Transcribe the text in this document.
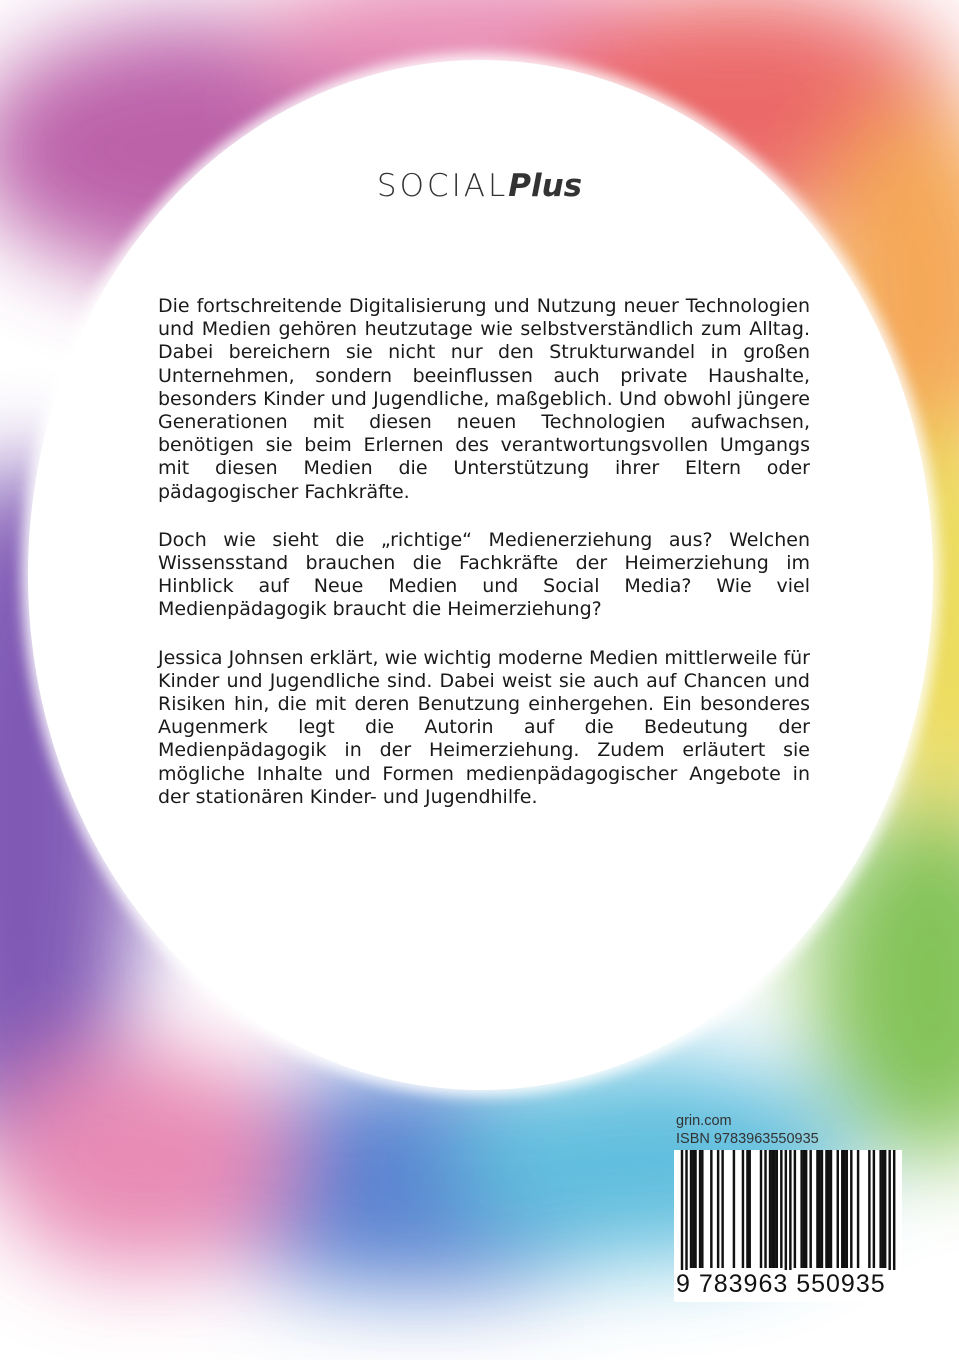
SOCIALPlus

Die fortschreitende Digitalisierung und Nutzung neuer Technologien und Medien gehören heutzutage wie selbstverständlich zum Alltag. Dabei bereichern sie nicht nur den Strukturwandel in großen Unternehmen, sondern beeinflussen auch private Haushalte, besonders Kinder und Jugendliche, maßgeblich. Und obwohl jüngere Generationen mit diesen neuen Technologien aufwachsen, benötigen sie beim Erlernen des verantwortungsvollen Umgangs mit diesen Medien die Unterstützung ihrer Eltern oder pädagogischer Fachkräfte.

Doch wie sieht die „richtige“ Medienerziehung aus? Welchen Wissensstand brauchen die Fachkräfte der Heimerziehung im Hinblick auf Neue Medien und Social Media? Wie viel Medienpädagogik braucht die Heimerziehung?

Jessica Johnsen erklärt, wie wichtig moderne Medien mittlerweile für Kinder und Jugendliche sind. Dabei weist sie auch auf Chancen und Risiken hin, die mit deren Benutzung einhergehen. Ein besonderes Augenmerk legt die Autorin auf die Bedeutung der Medienpädagogik in der Heimerziehung. Zudem erläutert sie mögliche Inhalte und Formen medienpädagogischer Angebote in der stationären Kinder- und Jugendhilfe.

grin.com
ISBN 9783963550935
9 783963 550935
